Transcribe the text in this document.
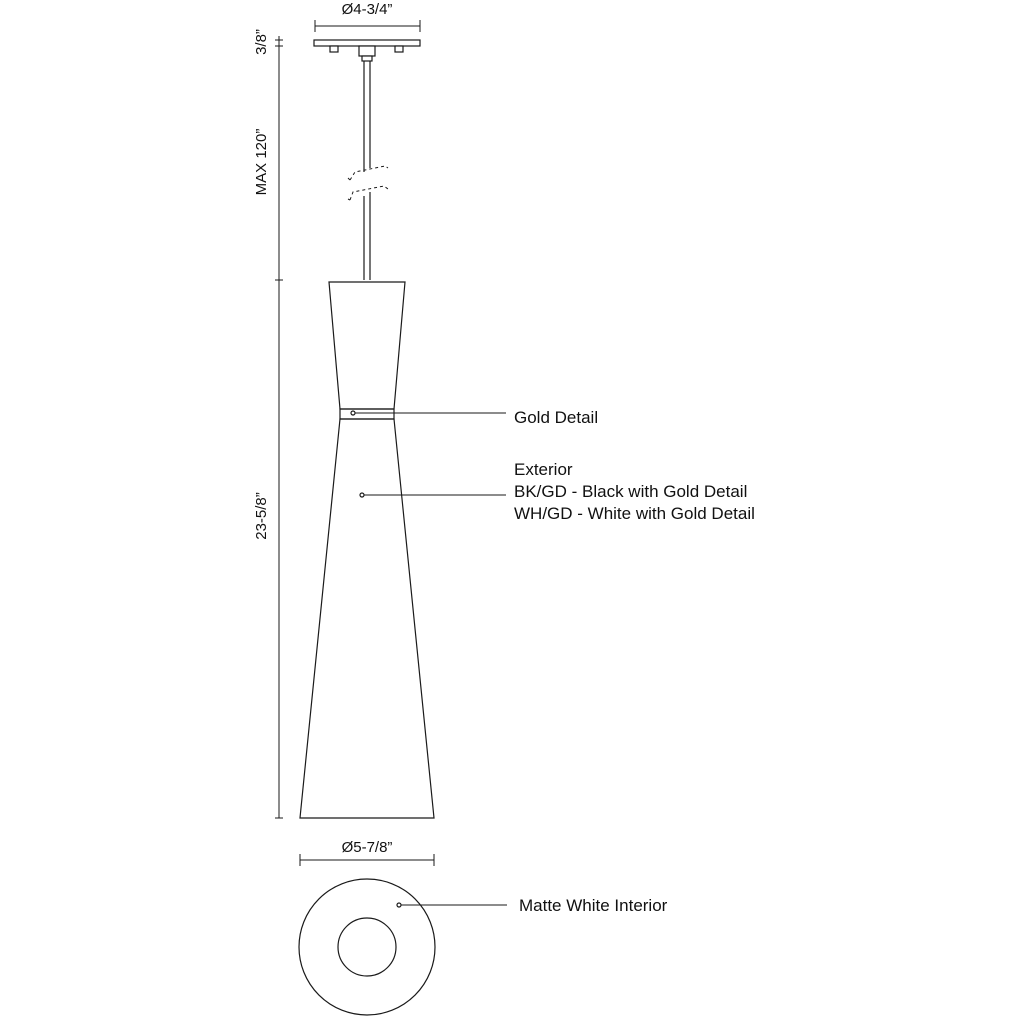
Ø4-3/4”
3/8”
MAX 120”
23-5/8”
Gold Detail
Exterior
BK/GD - Black with Gold Detail
WH/GD - White with Gold Detail
Ø5-7/8”
Matte White Interior
